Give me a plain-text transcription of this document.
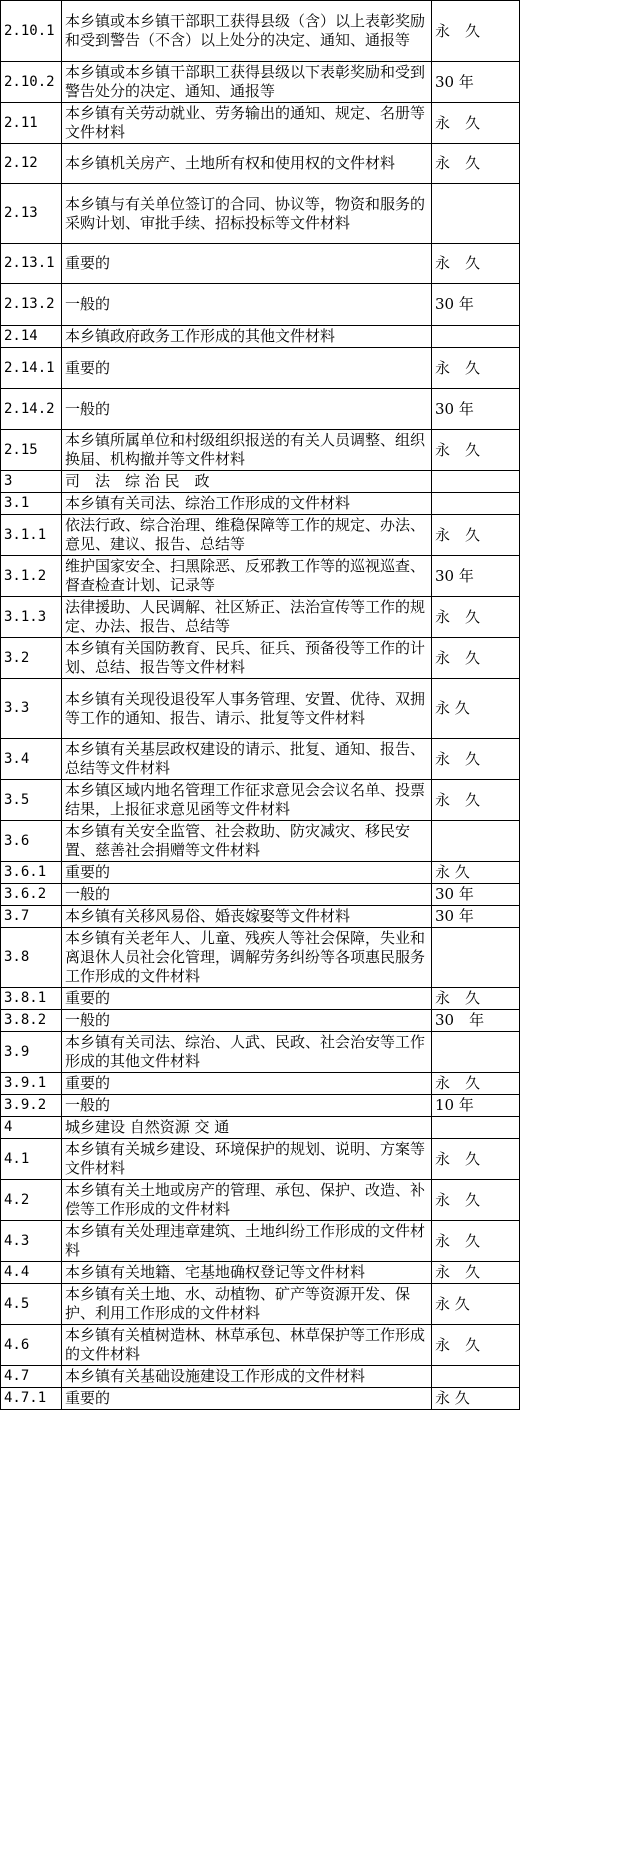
2.10.1	本乡镇或本乡镇干部职工获得县级（含）以上表彰奖励和受到警告（不含）以上处分的决定、通知、通报等	永　久
2.10.2	本乡镇或本乡镇干部职工获得县级以下表彰奖励和受到警告处分的决定、通知、通报等	30 年
2.11	本乡镇有关劳动就业、劳务输出的通知、规定、名册等文件材料	永　久
2.12	本乡镇机关房产、土地所有权和使用权的文件材料	永　久
2.13	本乡镇与有关单位签订的合同、协议等，物资和服务的采购计划、审批手续、招标投标等文件材料	
2.13.1	重要的	永　久
2.13.2	一般的	30 年
2.14	本乡镇政府政务工作形成的其他文件材料	
2.14.1	重要的	永　久
2.14.2	一般的	30 年
2.15	本乡镇所属单位和村级组织报送的有关人员调整、组织换届、机构撤并等文件材料	永　久
3	司　法　综 治 民　政	
3.1	本乡镇有关司法、综治工作形成的文件材料	
3.1.1	依法行政、综合治理、维稳保障等工作的规定、办法、意见、建议、报告、总结等	永　久
3.1.2	维护国家安全、扫黑除恶、反邪教工作等的巡视巡查、督查检查计划、记录等	30 年
3.1.3	法律援助、人民调解、社区矫正、法治宣传等工作的规定、办法、报告、总结等	永　久
3.2	本乡镇有关国防教育、民兵、征兵、预备役等工作的计划、总结、报告等文件材料	永　久
3.3	本乡镇有关现役退役军人事务管理、安置、优待、双拥等工作的通知、报告、请示、批复等文件材料	永 久
3.4	本乡镇有关基层政权建设的请示、批复、通知、报告、总结等文件材料	永　久
3.5	本乡镇区域内地名管理工作征求意见会会议名单、投票结果，上报征求意见函等文件材料	永　久
3.6	本乡镇有关安全监管、社会救助、防灾减灾、移民安置、慈善社会捐赠等文件材料	
3.6.1	重要的	永 久
3.6.2	一般的	30 年
3.7	本乡镇有关移风易俗、婚丧嫁娶等文件材料	30 年
3.8	本乡镇有关老年人、儿童、残疾人等社会保障，失业和离退休人员社会化管理，调解劳务纠纷等各项惠民服务工作形成的文件材料	
3.8.1	重要的	永　久
3.8.2	一般的	30　年
3.9	本乡镇有关司法、综治、人武、民政、社会治安等工作形成的其他文件材料	
3.9.1	重要的	永　久
3.9.2	一般的	10 年
4	城乡建设 自然资源 交 通	
4.1	本乡镇有关城乡建设、环境保护的规划、说明、方案等文件材料	永　久
4.2	本乡镇有关土地或房产的管理、承包、保护、改造、补偿等工作形成的文件材料	永　久
4.3	本乡镇有关处理违章建筑、土地纠纷工作形成的文件材料	永　久
4.4	本乡镇有关地籍、宅基地确权登记等文件材料	永　久
4.5	本乡镇有关土地、水、动植物、矿产等资源开发、保护、利用工作形成的文件材料	永 久
4.6	本乡镇有关植树造林、林草承包、林草保护等工作形成的文件材料	永　久
4.7	本乡镇有关基础设施建设工作形成的文件材料	
4.7.1	重要的	永 久
